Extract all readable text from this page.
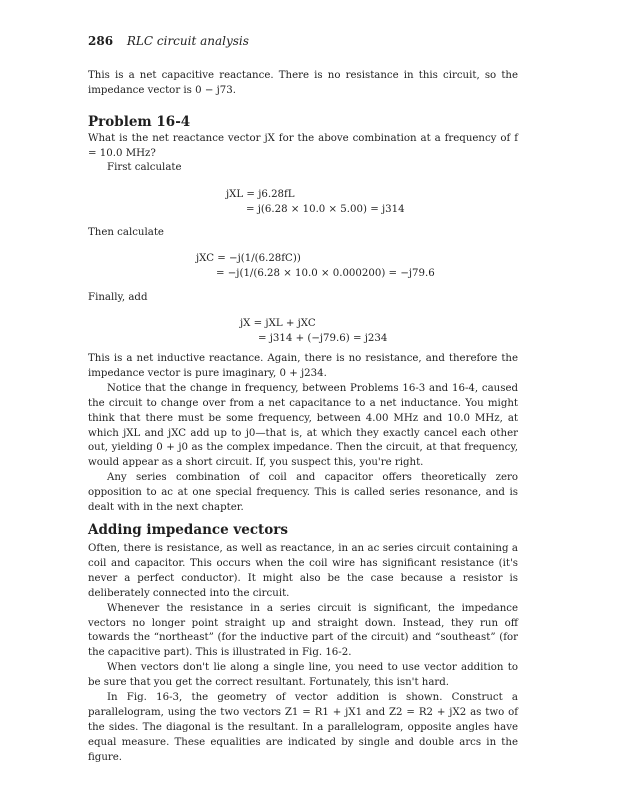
286 RLC circuit analysis

This is a net capacitive reactance. There is no resistance in this circuit, so the impedance vector is 0 − j73.

Problem 16-4

What is the net reactance vector jX for the above combination at a frequency of f = 10.0 MHz?

First calculate

jXL = j6.28fL
= j(6.28 × 10.0 × 5.00) = j314

Then calculate

jXC = −j(1/(6.28fC))
= −j(1/(6.28 × 10.0 × 0.000200) = −j79.6

Finally, add

jX = jXL + jXC
= j314 + (−j79.6) = j234

This is a net inductive reactance. Again, there is no resistance, and therefore the impedance vector is pure imaginary, 0 + j234.

Notice that the change in frequency, between Problems 16-3 and 16-4, caused the circuit to change over from a net capacitance to a net inductance. You might think that there must be some frequency, between 4.00 MHz and 10.0 MHz, at which jXL and jXC add up to j0—that is, at which they exactly cancel each other out, yielding 0 + j0 as the complex impedance. Then the circuit, at that frequency, would appear as a short circuit. If, you suspect this, you're right.

Any series combination of coil and capacitor offers theoretically zero opposition to ac at one special frequency. This is called series resonance, and is dealt with in the next chapter.

Adding impedance vectors

Often, there is resistance, as well as reactance, in an ac series circuit containing a coil and capacitor. This occurs when the coil wire has significant resistance (it's never a perfect conductor). It might also be the case because a resistor is deliberately connected into the circuit.

Whenever the resistance in a series circuit is significant, the impedance vectors no longer point straight up and straight down. Instead, they run off towards the “northeast” (for the inductive part of the circuit) and “southeast” (for the capacitive part). This is illustrated in Fig. 16-2.

When vectors don't lie along a single line, you need to use vector addition to be sure that you get the correct resultant. Fortunately, this isn't hard.

In Fig. 16-3, the geometry of vector addition is shown. Construct a parallelogram, using the two vectors Z1 = R1 + jX1 and Z2 = R2 + jX2 as two of the sides. The diagonal is the resultant. In a parallelogram, opposite angles have equal measure. These equalities are indicated by single and double arcs in the figure.
